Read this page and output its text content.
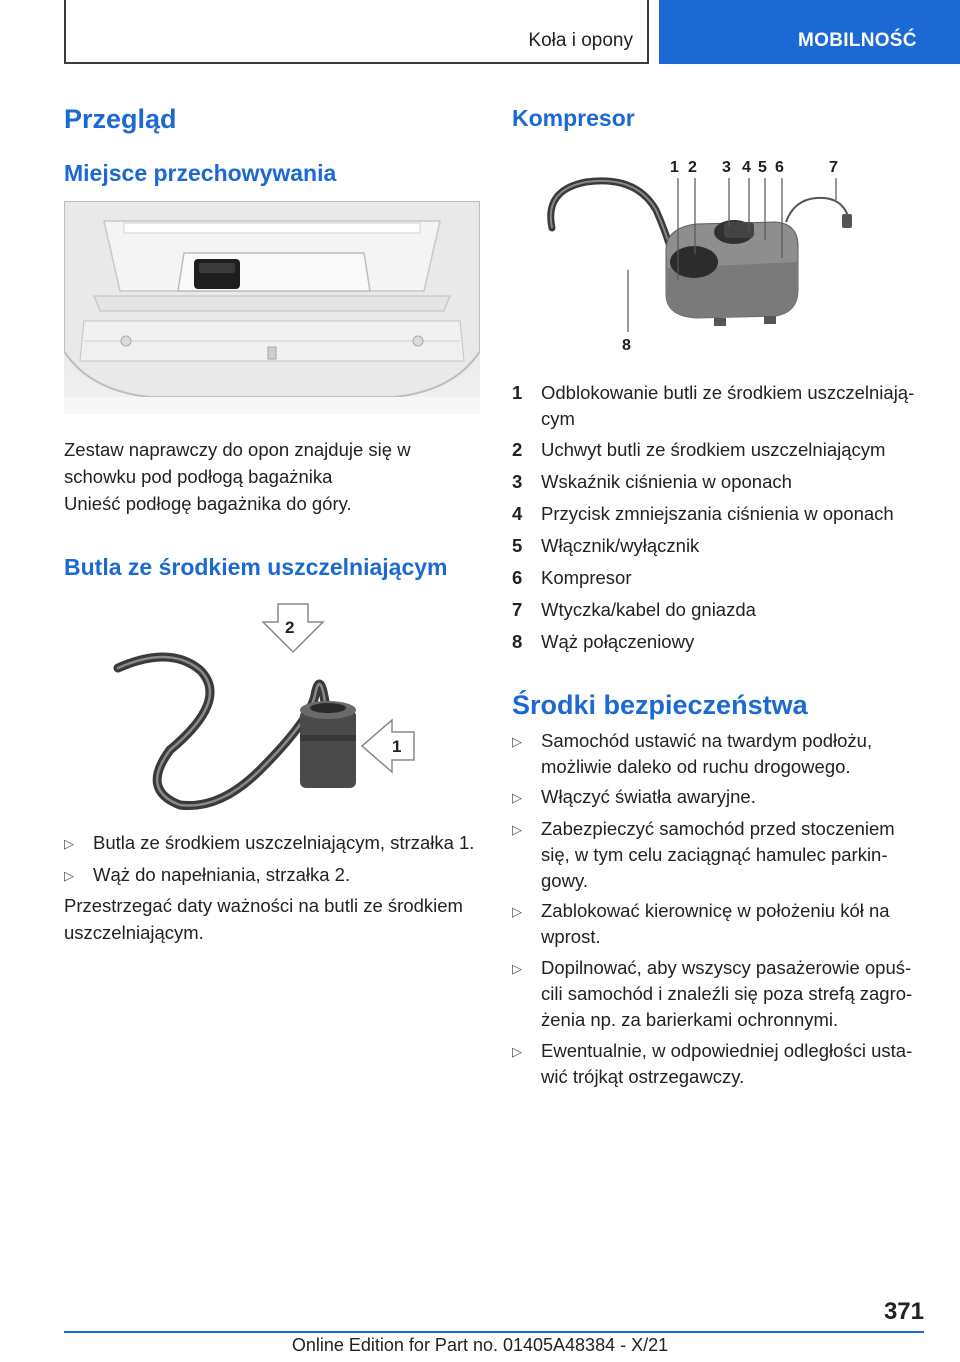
Koła i opony	MOBILNOŚĆ
Przegląd
Miejsce przechowywania
Zestaw naprawczy do opon znajduje się w schowku pod podłogą bagażnika
Unieść podłogę bagażnika do góry.
Butla ze środkiem uszczelniającym
2
1
▷	Butla ze środkiem uszczelniającym, strzałka 1.
▷	Wąż do napełniania, strzałka 2.
Przestrzegać daty ważności na butli ze środkiem uszczelniającym.
Kompresor
1 2 3 4 5 6	7
8
1	Odblokowanie butli ze środkiem uszczelniają-cym
2	Uchwyt butli ze środkiem uszczelniającym
3	Wskaźnik ciśnienia w oponach
4	Przycisk zmniejszania ciśnienia w oponach
5	Włącznik/wyłącznik
6	Kompresor
7	Wtyczka/kabel do gniazda
8	Wąż połączeniowy
Środki bezpieczeństwa
▷	Samochód ustawić na twardym podłożu, możliwie daleko od ruchu drogowego.
▷	Włączyć światła awaryjne.
▷	Zabezpieczyć samochód przed stoczeniem się, w tym celu zaciągnąć hamulec parkin-gowy.
▷	Zablokować kierownicę w położeniu kół na wprost.
▷	Dopilnować, aby wszyscy pasażerowie opuś-cili samochód i znaleźli się poza strefą zagro-żenia np. za barierkami ochronnymi.
▷	Ewentualnie, w odpowiedniej odległości usta-wić trójkąt ostrzegawczy.
371
Online Edition for Part no. 01405A48384 - X/21
